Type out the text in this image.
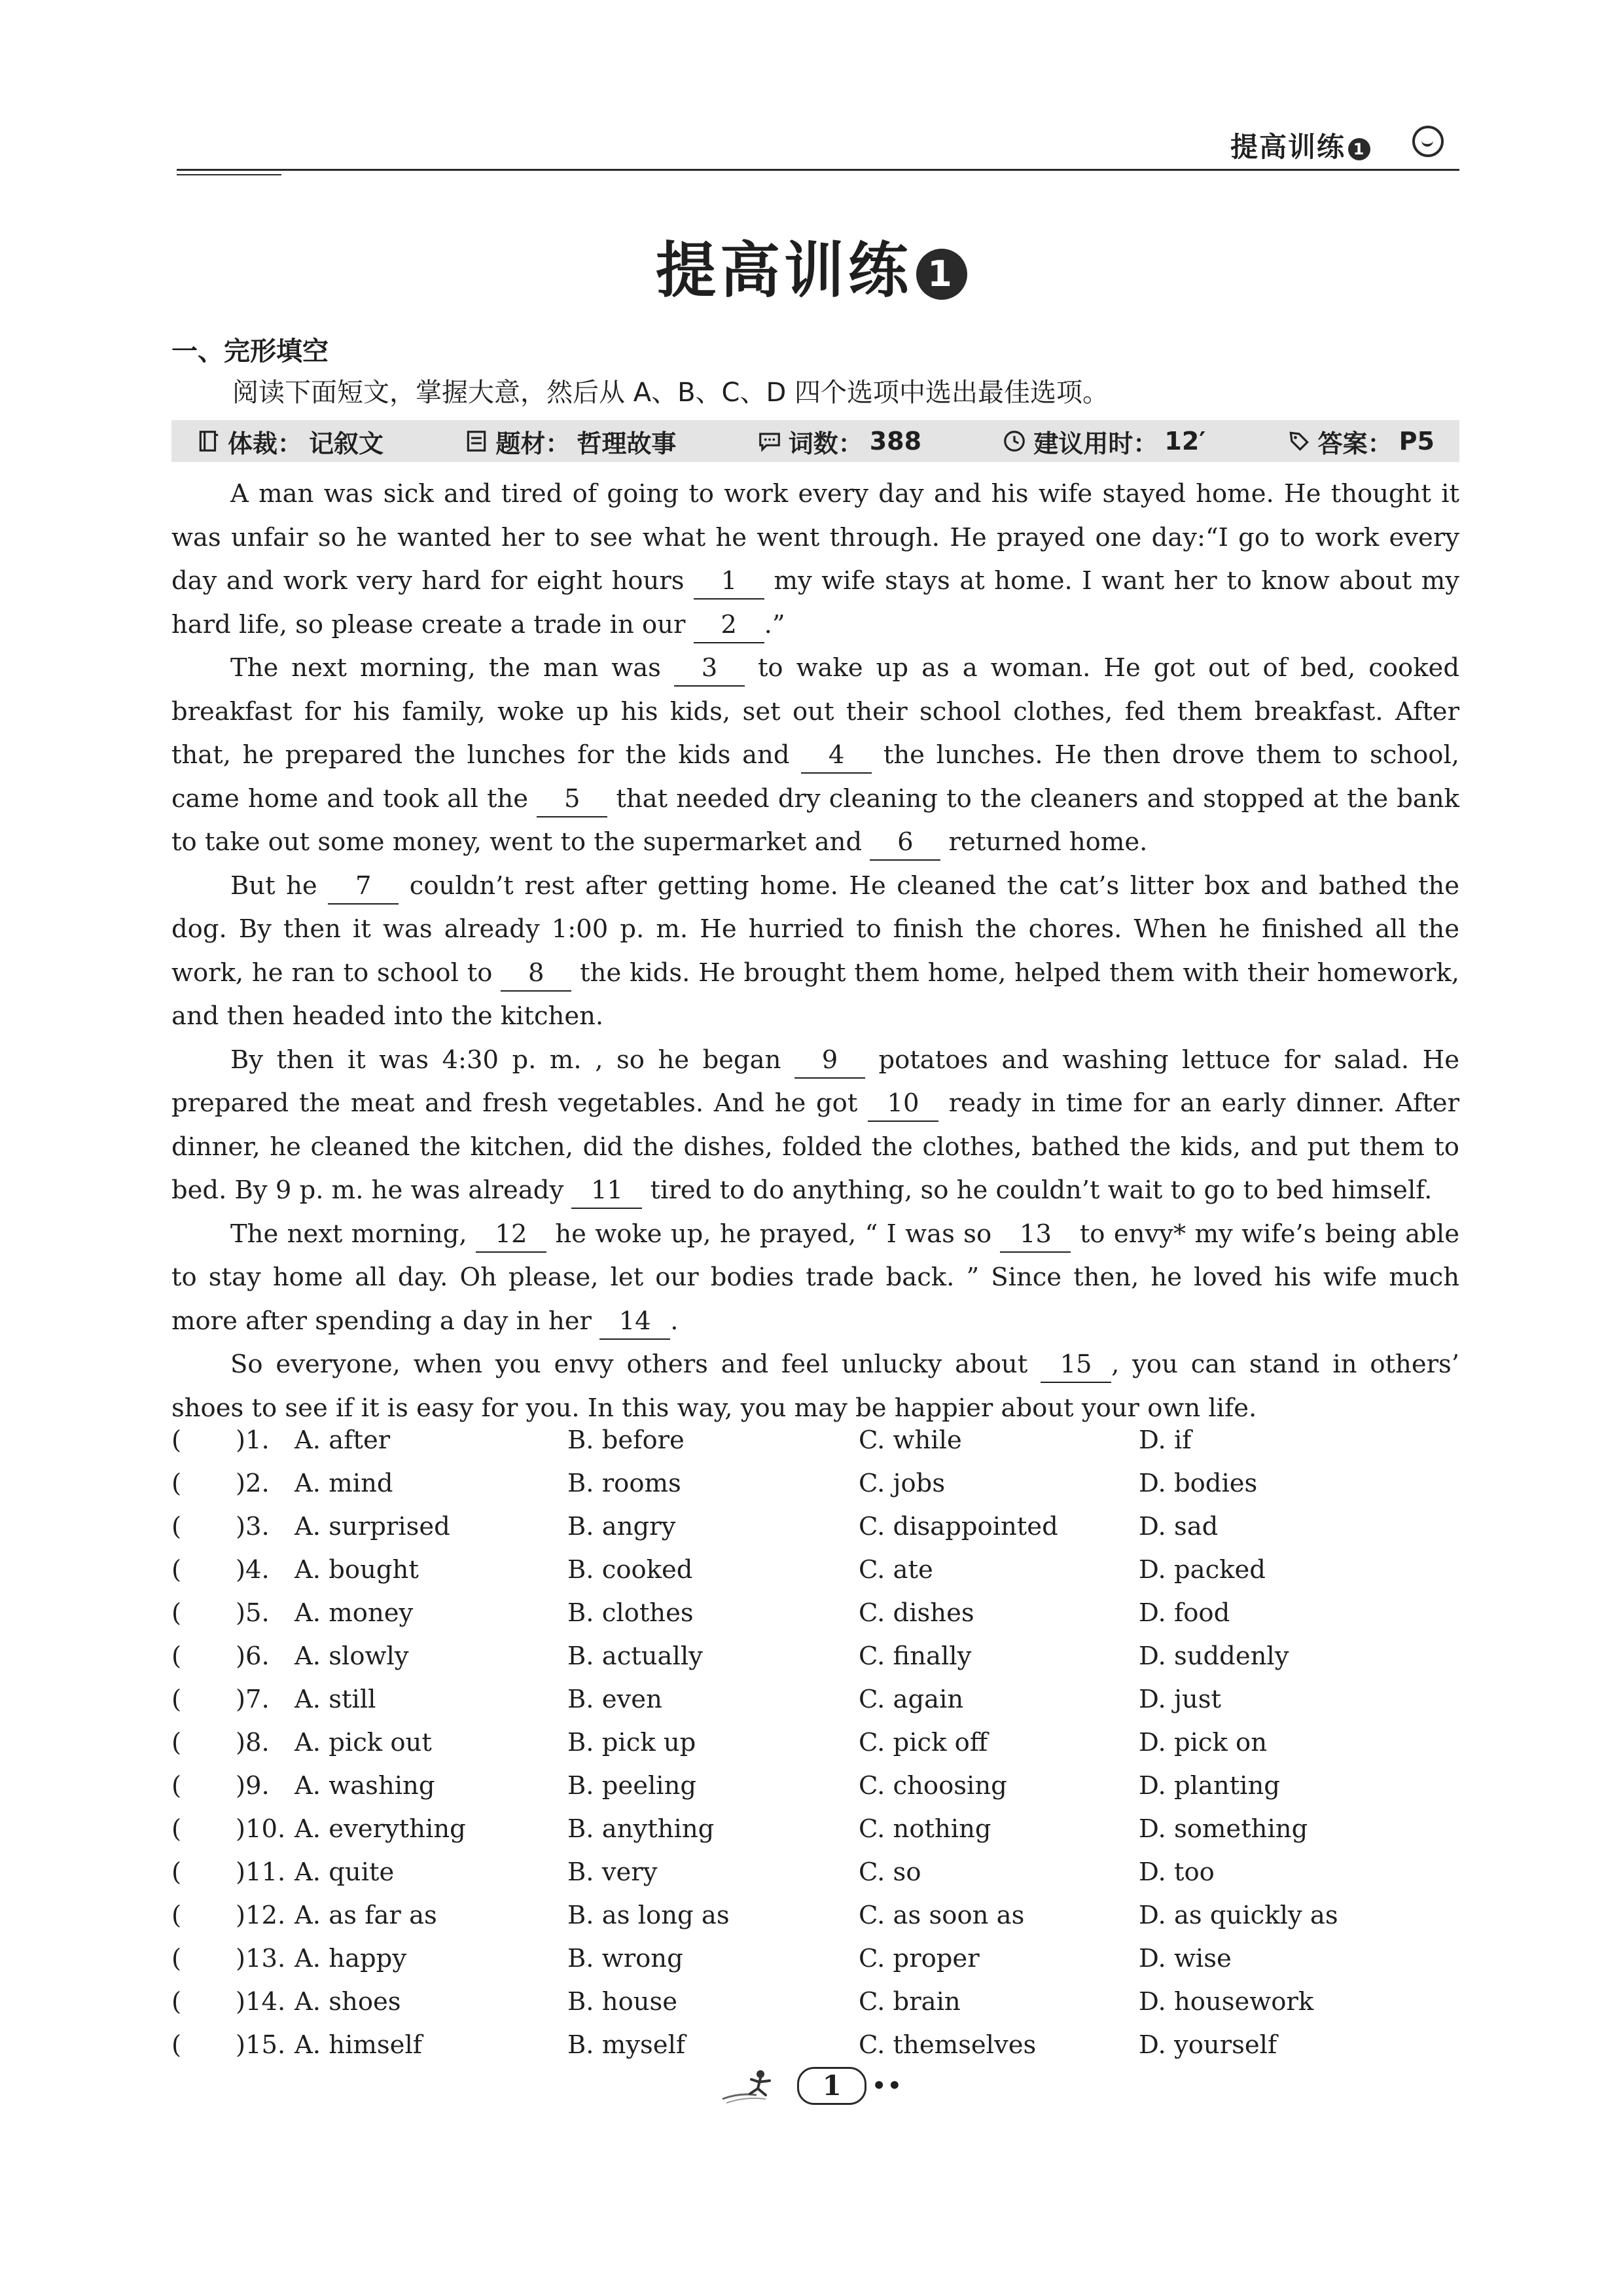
提高训练 1
提高训练 1
一、完形填空
阅读下面短文，掌握大意，然后从 A、B、C、D 四个选项中选出最佳选项。
体裁： 记叙文	题材： 哲理故事	词数： 388	建议用时： 12′	答案： P5

A man was sick and tired of going to work every day and his wife stayed home. He thought it was unfair so he wanted her to see what he went through. He prayed one day:“I go to work every day and work very hard for eight hours 1 my wife stays at home. I want her to know about my hard life, so please create a trade in our 2 .”

The next morning, the man was 3 to wake up as a woman. He got out of bed, cooked breakfast for his family, woke up his kids, set out their school clothes, fed them breakfast. After that, he prepared the lunches for the kids and 4 the lunches. He then drove them to school, came home and took all the 5 that needed dry cleaning to the cleaners and stopped at the bank to take out some money, went to the supermarket and 6 returned home.

But he 7 couldn’t rest after getting home. He cleaned the cat’s litter box and bathed the dog. By then it was already 1:00 p. m. He hurried to finish the chores. When he finished all the work, he ran to school to 8 the kids. He brought them home, helped them with their homework, and then headed into the kitchen.

By then it was 4:30 p. m. , so he began 9 potatoes and washing lettuce for salad. He prepared the meat and fresh vegetables. And he got 10 ready in time for an early dinner. After dinner, he cleaned the kitchen, did the dishes, folded the clothes, bathed the kids, and put them to bed. By 9 p. m. he was already 11 tired to do anything, so he couldn’t wait to go to bed himself.

The next morning, 12 he woke up, he prayed, “ I was so 13 to envy* my wife’s being able to stay home all day. Oh please, let our bodies trade back. ” Since then, he loved his wife much more after spending a day in her 14 .

So everyone, when you envy others and feel unlucky about 15 , you can stand in others’ shoes to see if it is easy for you. In this way, you may be happier about your own life.

( )1. A. after	B. before	C. while	D. if
( )2. A. mind	B. rooms	C. jobs	D. bodies
( )3. A. surprised	B. angry	C. disappointed	D. sad
( )4. A. bought	B. cooked	C. ate	D. packed
( )5. A. money	B. clothes	C. dishes	D. food
( )6. A. slowly	B. actually	C. finally	D. suddenly
( )7. A. still	B. even	C. again	D. just
( )8. A. pick out	B. pick up	C. pick off	D. pick on
( )9. A. washing	B. peeling	C. choosing	D. planting
( )10. A. everything	B. anything	C. nothing	D. something
( )11. A. quite	B. very	C. so	D. too
( )12. A. as far as	B. as long as	C. as soon as	D. as quickly as
( )13. A. happy	B. wrong	C. proper	D. wise
( )14. A. shoes	B. house	C. brain	D. housework
( )15. A. himself	B. myself	C. themselves	D. yourself
1	••
